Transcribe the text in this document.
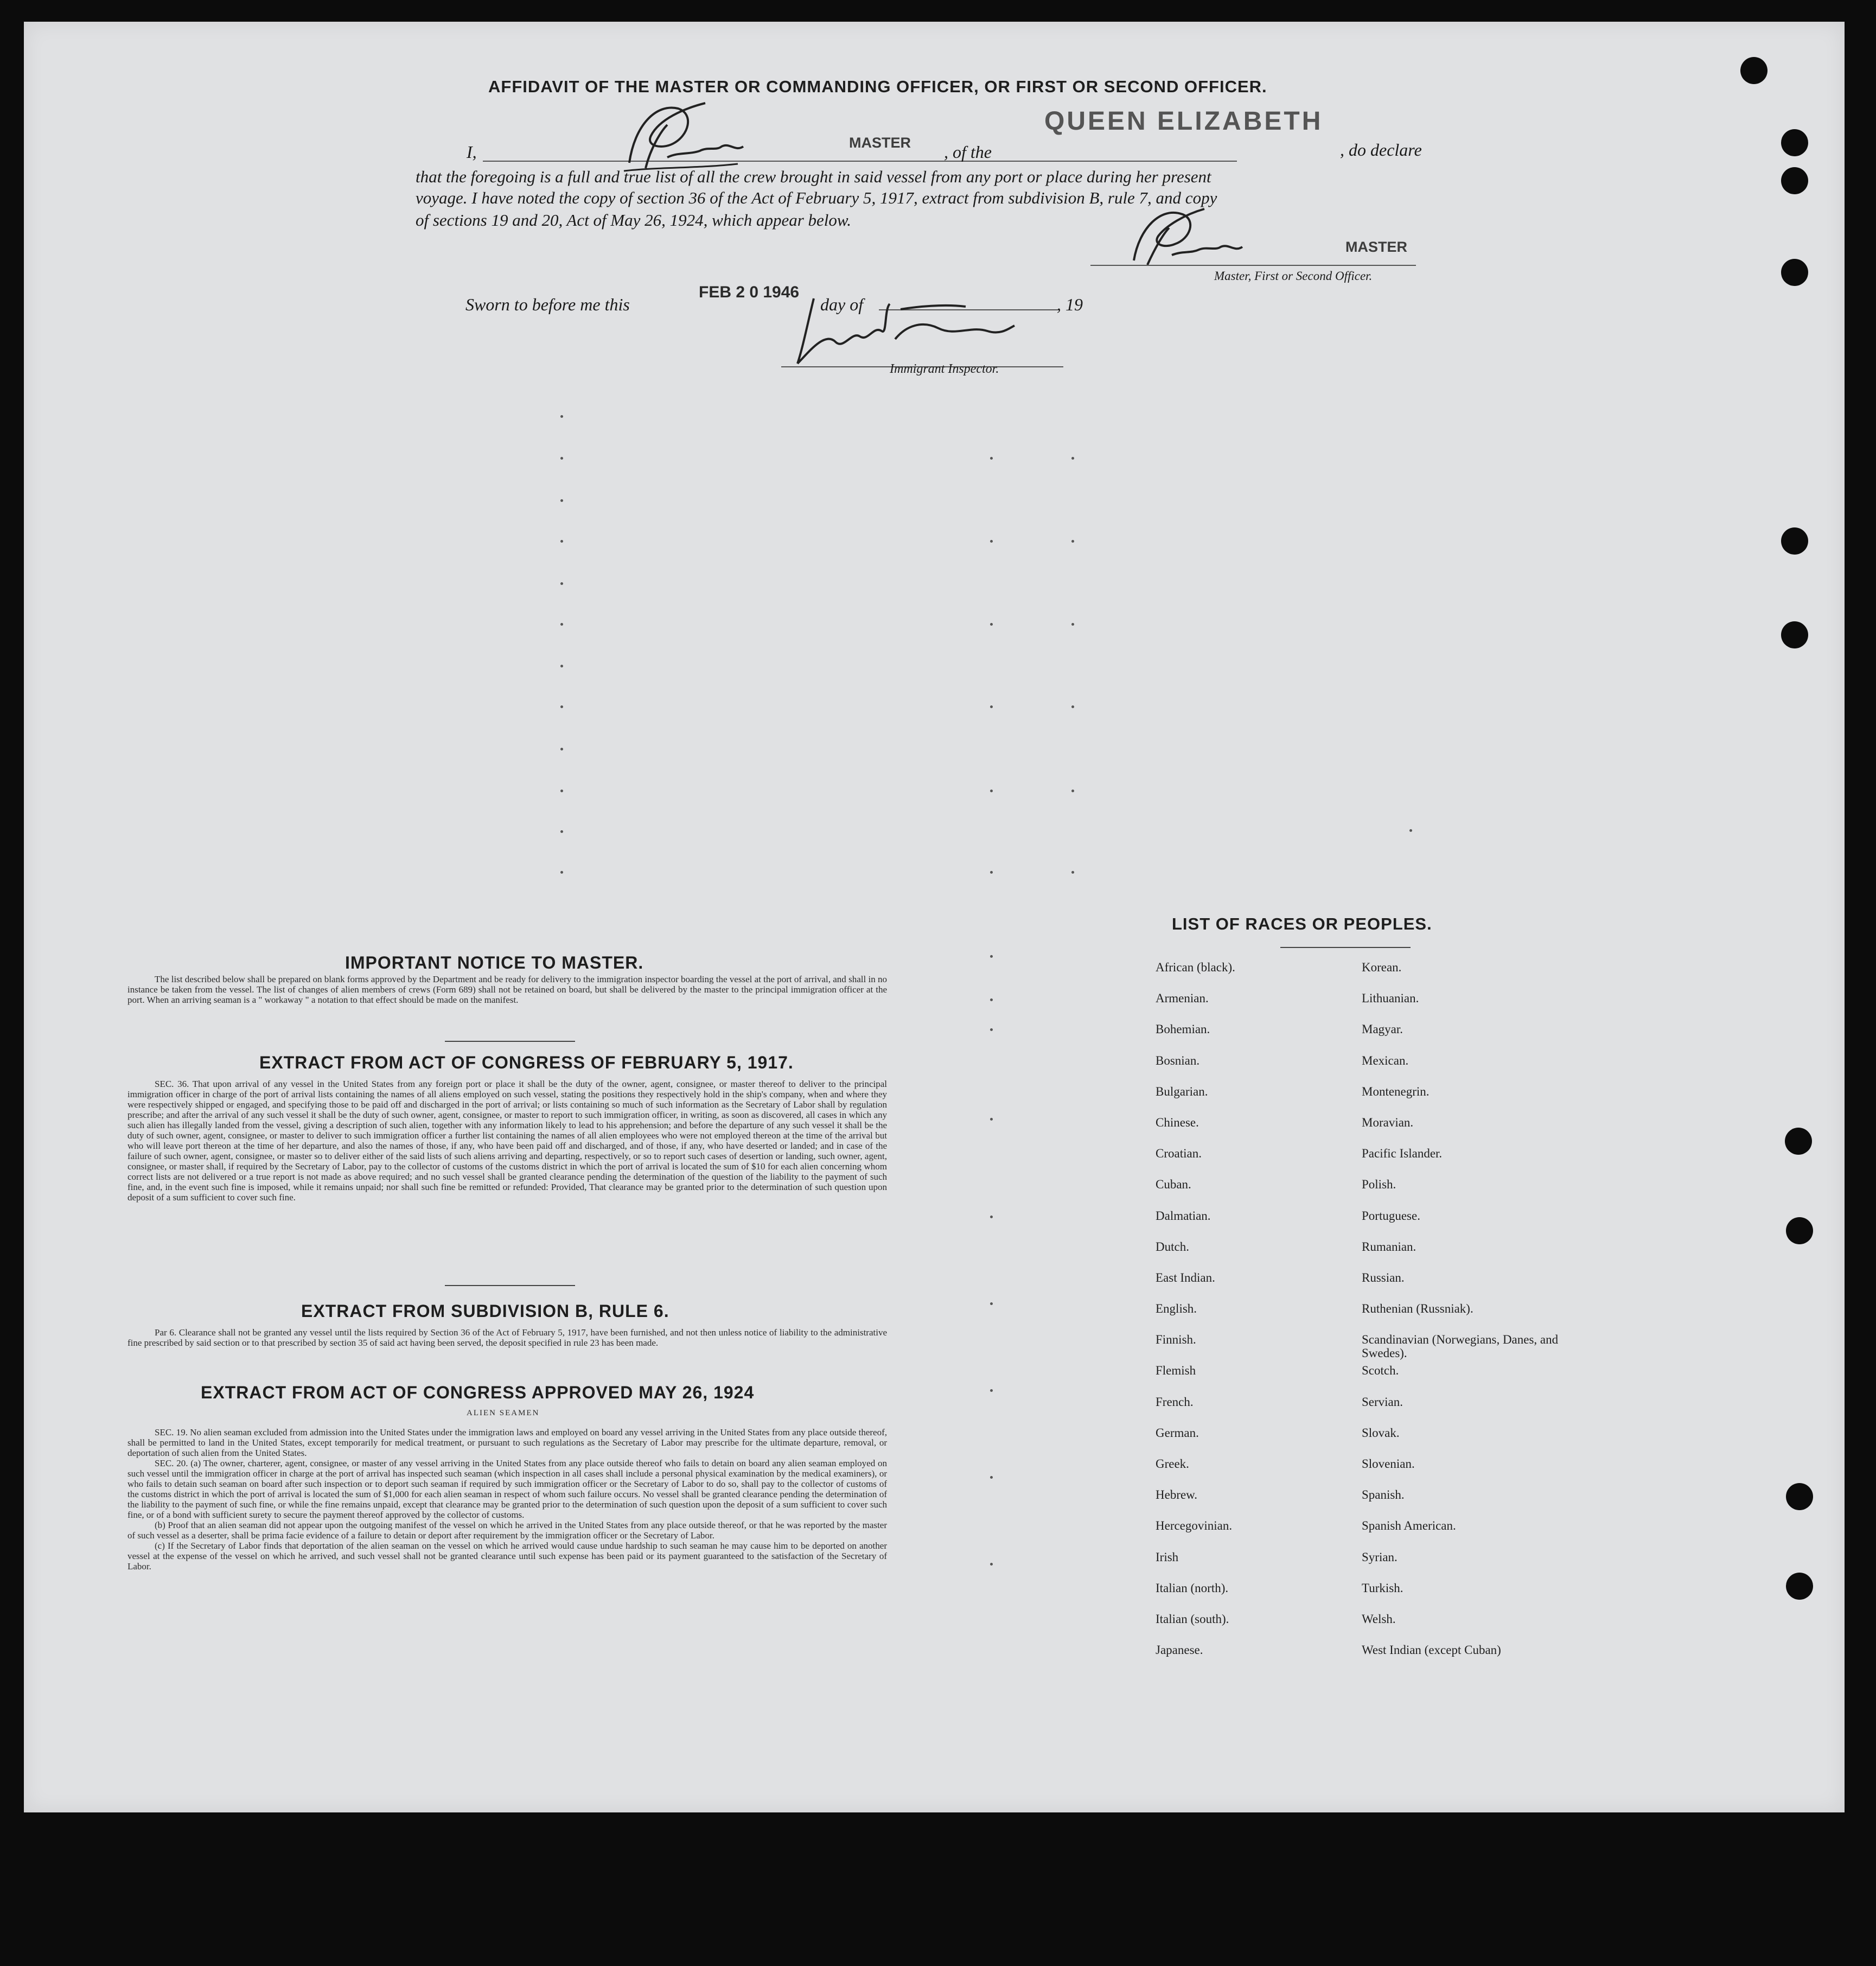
AFFIDAVIT OF THE MASTER OR COMMANDING OFFICER, OR FIRST OR SECOND OFFICER.
I,	MASTER , of the
QUEEN ELIZABETH
, do declare
that the foregoing is a full and true list of all the crew brought in said vessel from any port or place during her present
voyage. I have noted the copy of section 36 of the Act of February 5, 1917, extract from subdivision B, rule 7, and copy
of sections 19 and 20, Act of May 26, 1924, which appear below.
MASTER
Master, First or Second Officer.
Sworn to before me this
FEB 2 0 1946
day of	, 19
Immigrant Inspector.
IMPORTANT NOTICE TO MASTER.

The list described below shall be prepared on blank forms approved by the Department and be ready for delivery to the immigration inspector boarding the vessel at the port of arrival, and shall in no instance be taken from the vessel. The list of changes of alien members of crews (Form 689) shall not be retained on board, but shall be delivered by the master to the principal immigration officer at the port. When an arriving seaman is a " workaway " a notation to that effect should be made on the manifest.

EXTRACT FROM ACT OF CONGRESS OF FEBRUARY 5, 1917.

SEC. 36. That upon arrival of any vessel in the United States from any foreign port or place it shall be the duty of the owner, agent, consignee, or master thereof to deliver to the principal immigration officer in charge of the port of arrival lists containing the names of all aliens employed on such vessel, stating the positions they respectively hold in the ship's company, when and where they were respectively shipped or engaged, and specifying those to be paid off and discharged in the port of arrival; or lists containing so much of such information as the Secretary of Labor shall by regulation prescribe; and after the arrival of any such vessel it shall be the duty of such owner, agent, consignee, or master to report to such immigration officer, in writing, as soon as discovered, all cases in which any such alien has illegally landed from the vessel, giving a description of such alien, together with any information likely to lead to his apprehension; and before the departure of any such vessel it shall be the duty of such owner, agent, consignee, or master to deliver to such immigration officer a further list containing the names of all alien employees who were not employed thereon at the time of the arrival but who will leave port thereon at the time of her departure, and also the names of those, if any, who have been paid off and discharged, and of those, if any, who have deserted or landed; and in case of the failure of such owner, agent, consignee, or master so to deliver either of the said lists of such aliens arriving and departing, respectively, or so to report such cases of desertion or landing, such owner, agent, consignee, or master shall, if required by the Secretary of Labor, pay to the collector of customs of the customs district in which the port of arrival is located the sum of $10 for each alien concerning whom correct lists are not delivered or a true report is not made as above required; and no such vessel shall be granted clearance pending the determination of the question of the liability to the payment of such fine, and, in the event such fine is imposed, while it remains unpaid; nor shall such fine be remitted or refunded: Provided, That clearance may be granted prior to the determination of such question upon deposit of a sum sufficient to cover such fine.

EXTRACT FROM SUBDIVISION B, RULE 6.

Par 6. Clearance shall not be granted any vessel until the lists required by Section 36 of the Act of February 5, 1917, have been furnished, and not then unless notice of liability to the administrative fine prescribed by said section or to that prescribed by section 35 of said act having been served, the deposit specified in rule 23 has been made.

EXTRACT FROM ACT OF CONGRESS APPROVED MAY 26, 1924
ALIEN SEAMEN

SEC. 19. No alien seaman excluded from admission into the United States under the immigration laws and employed on board any vessel arriving in the United States from any place outside thereof, shall be permitted to land in the United States, except temporarily for medical treatment, or pursuant to such regulations as the Secretary of Labor may prescribe for the ultimate departure, removal, or deportation of such alien from the United States.

SEC. 20. (a) The owner, charterer, agent, consignee, or master of any vessel arriving in the United States from any place outside thereof who fails to detain on board any alien seaman employed on such vessel until the immigration officer in charge at the port of arrival has inspected such seaman (which inspection in all cases shall include a personal physical examination by the medical examiners), or who fails to detain such seaman on board after such inspection or to deport such seaman if required by such immigration officer or the Secretary of Labor to do so, shall pay to the collector of customs of the customs district in which the port of arrival is located the sum of $1,000 for each alien seaman in respect of whom such failure occurs. No vessel shall be granted clearance pending the determination of the liability to the payment of such fine, or while the fine remains unpaid, except that clearance may be granted prior to the determination of such question upon the deposit of a sum sufficient to cover such fine, or of a bond with sufficient surety to secure the payment thereof approved by the collector of customs.

(b) Proof that an alien seaman did not appear upon the outgoing manifest of the vessel on which he arrived in the United States from any place outside thereof, or that he was reported by the master of such vessel as a deserter, shall be prima facie evidence of a failure to detain or deport after requirement by the immigration officer or the Secretary of Labor.

(c) If the Secretary of Labor finds that deportation of the alien seaman on the vessel on which he arrived would cause undue hardship to such seaman he may cause him to be deported on another vessel at the expense of the vessel on which he arrived, and such vessel shall not be granted clearance until such expense has been paid or its payment guaranteed to the satisfaction of the Secretary of Labor.

LIST OF RACES OR PEOPLES.
African (black).	Korean.
Armenian.	Lithuanian.
Bohemian.	Magyar.
Bosnian.	Mexican.
Bulgarian.	Montenegrin.
Chinese.	Moravian.
Croatian.	Pacific Islander.
Cuban.	Polish.
Dalmatian.	Portuguese.
Dutch.	Rumanian.
East Indian.	Russian.
English.	Ruthenian (Russniak).
Finnish.	Scandinavian (Norwegians, Danes, and Swedes).
Flemish	Scotch.
French.	Servian.
German.	Slovak.
Greek.	Slovenian.
Hebrew.	Spanish.
Hercegovinian.	Spanish American.
Irish	Syrian.
Italian (north).	Turkish.
Italian (south).	Welsh.
Japanese.	West Indian (except Cuban)
